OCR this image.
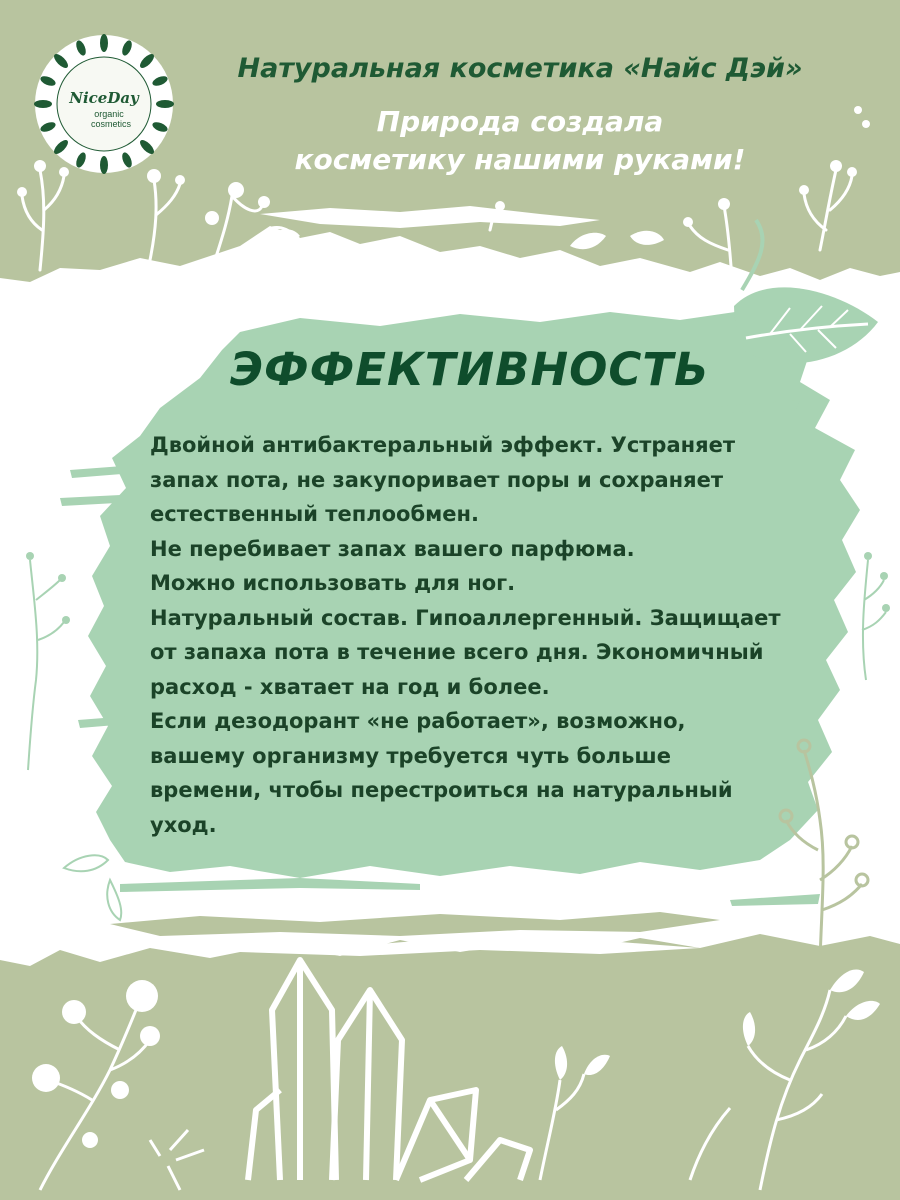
NiceDay
organic
cosmetics
Натуральная косметика «Найс Дэй»
Природа создала
косметику нашими руками!
ЭФФЕКТИВНОСТЬ
Двойной антибактеральный эффект. Устраняет
запах пота, не закупоривает поры и сохраняет
естественный теплообмен.
Не перебивает запах вашего парфюма.
Можно использовать для ног.
Натуральный состав. Гипоаллергенный. Защищает
от запаха пота в течение всего дня. Экономичный
расход - хватает на год и более.
Если дезодорант «не работает», возможно,
вашему организму требуется чуть больше
времени, чтобы перестроиться на натуральный
уход.
